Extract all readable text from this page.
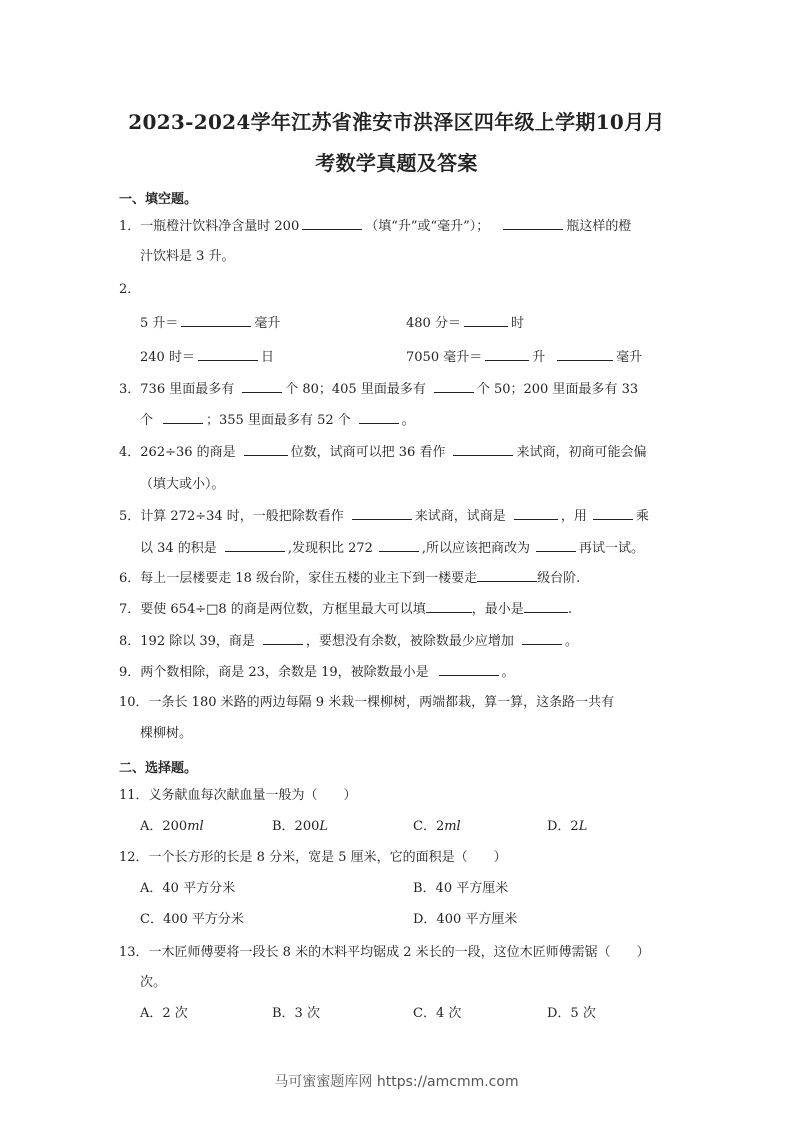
2023-2024学年江苏省淮安市洪泽区四年级上学期10月月
考数学真题及答案
一、填空题。
1．一瓶橙汁饮料净含量时 200	（填“升”或“毫升”）；	瓶这样的橙
汁饮料是 3 升。
2．
5 升＝	毫升	480 分＝	时
240 时＝	日	7050 毫升＝	升	毫升
3．736 里面最多有	个 80；405 里面最多有	个 50；200 里面最多有 33
个	；355 里面最多有 52 个	。
4．262÷36 的商是	位数，试商可以把 36 看作	来试商，初商可能会偏
（填大或小）。
5．计算 272÷34 时，一般把除数看作	来试商，试商是	，用	乘
以 34 的积是	,发现积比 272	,所以应该把商改为	再试一试。
6．每上一层楼要走 18 级台阶，家住五楼的业主下到一楼要走	级台阶.
7．要使 654÷□8 的商是两位数，方框里最大可以填	，最小是	.
8．192 除以 39，商是	，要想没有余数，被除数最少应增加	。
9．两个数相除，商是 23，余数是 19，被除数最小是	。
10．一条长 180 米路的两边每隔 9 米栽一棵柳树，两端都栽，算一算，这条路一共有
棵柳树。
二、选择题。
11．义务献血每次献血量一般为（　　）
A．200ml	B．200L	C．2ml	D．2L
12．一个长方形的长是 8 分米，宽是 5 厘米，它的面积是（　　）
A．40 平方分米	B．40 平方厘米
C．400 平方分米	D．400 平方厘米
13．一木匠师傅要将一段长 8 米的木料平均锯成 2 米长的一段，这位木匠师傅需锯（　　）
次。
A．2 次	B．3 次	C．4 次	D．5 次
马可蜜蜜题库网 https://amcmm.com
